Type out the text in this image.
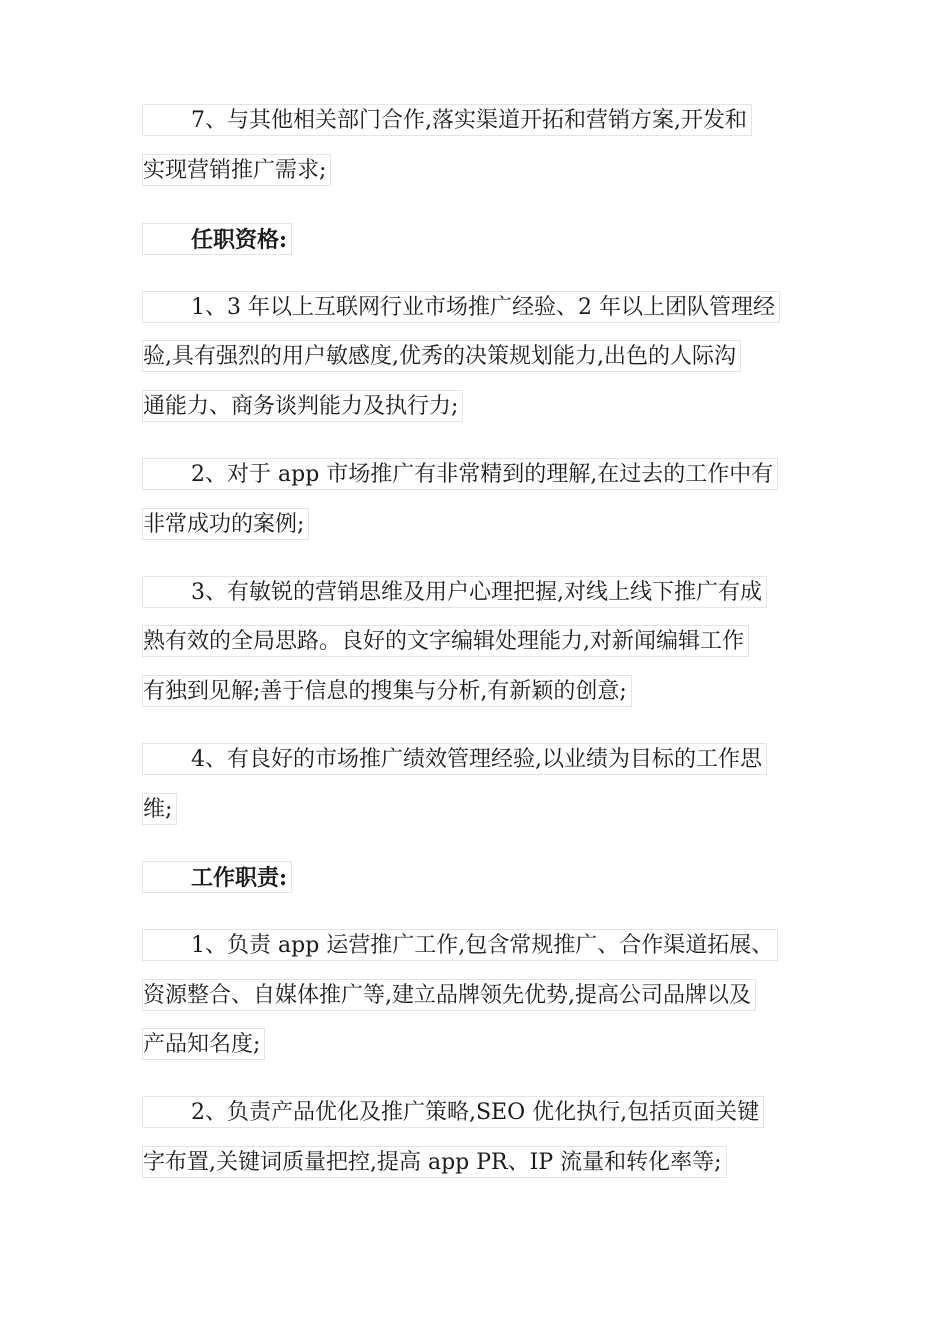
7、与其他相关部门合作,落实渠道开拓和营销方案,开发和
实现营销推广需求;
任职资格:
1、3 年以上互联网行业市场推广经验、2 年以上团队管理经
验,具有强烈的用户敏感度,优秀的决策规划能力,出色的人际沟
通能力、商务谈判能力及执行力;
2、对于 app 市场推广有非常精到的理解,在过去的工作中有
非常成功的案例;
3、有敏锐的营销思维及用户心理把握,对线上线下推广有成
熟有效的全局思路。良好的文字编辑处理能力,对新闻编辑工作
有独到见解;善于信息的搜集与分析,有新颖的创意;
4、有良好的市场推广绩效管理经验,以业绩为目标的工作思
维;
工作职责:
1、负责 app 运营推广工作,包含常规推广、合作渠道拓展、
资源整合、自媒体推广等,建立品牌领先优势,提高公司品牌以及
产品知名度;
2、负责产品优化及推广策略,SEO 优化执行,包括页面关键
字布置,关键词质量把控,提高 app PR、IP 流量和转化率等;
